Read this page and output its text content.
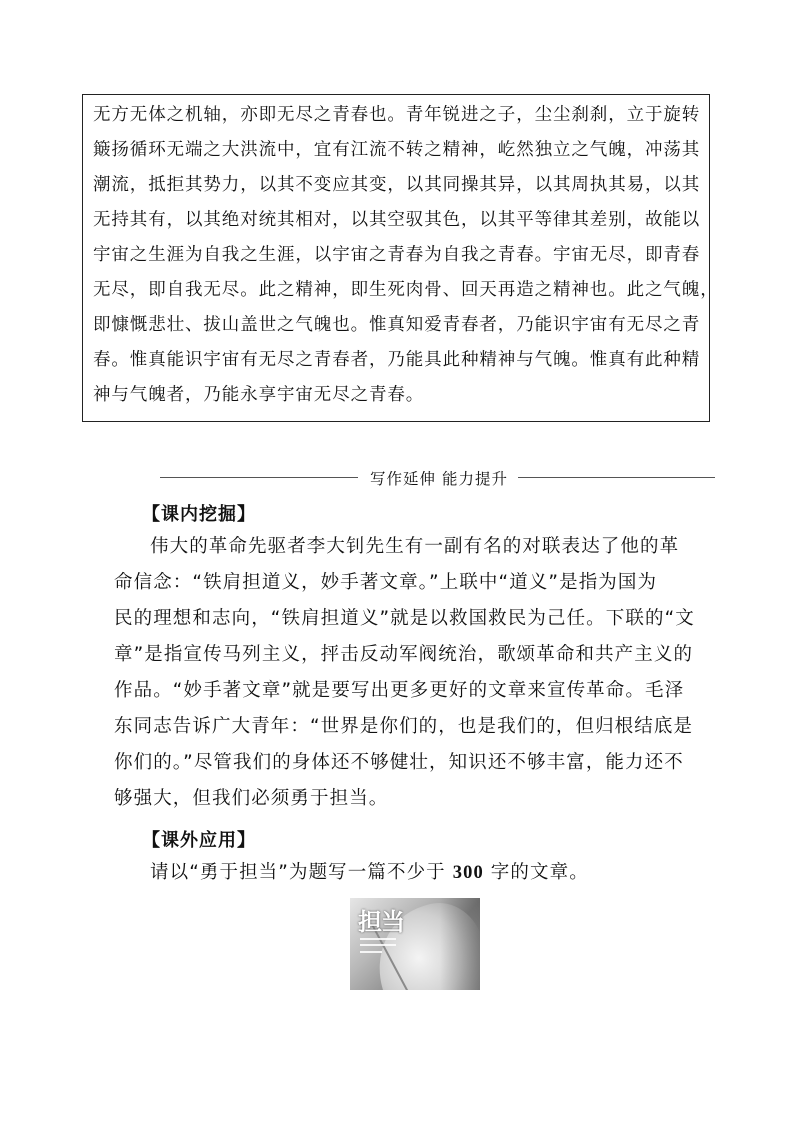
无方无体之机轴，亦即无尽之青春也。青年锐进之子，尘尘刹刹，立于旋转
簸扬循环无端之大洪流中，宜有江流不转之精神，屹然独立之气魄，冲荡其
潮流，抵拒其势力，以其不变应其变，以其同操其异，以其周执其易，以其
无持其有，以其绝对统其相对，以其空驭其色，以其平等律其差别，故能以
宇宙之生涯为自我之生涯，以宇宙之青春为自我之青春。宇宙无尽，即青春
无尽，即自我无尽。此之精神，即生死肉骨、回天再造之精神也。此之气魄，
即慷慨悲壮、拔山盖世之气魄也。惟真知爱青春者，乃能识宇宙有无尽之青
春。惟真能识宇宙有无尽之青春者，乃能具此种精神与气魄。惟真有此种精
神与气魄者，乃能永享宇宙无尽之青春。
写作延伸 能力提升
【课内挖掘】
伟大的革命先驱者李大钊先生有一副有名的对联表达了他的革
命信念：“铁肩担道义，妙手著文章。”上联中“道义”是指为国为
民的理想和志向，“铁肩担道义”就是以救国救民为己任。下联的“文
章”是指宣传马列主义，抨击反动军阀统治，歌颂革命和共产主义的
作品。“妙手著文章”就是要写出更多更好的文章来宣传革命。毛泽
东同志告诉广大青年：“世界是你们的，也是我们的，但归根结底是
你们的。”尽管我们的身体还不够健壮，知识还不够丰富，能力还不
够强大，但我们必须勇于担当。
【课外应用】
请以“勇于担当”为题写一篇不少于 300 字的文章。
担当
